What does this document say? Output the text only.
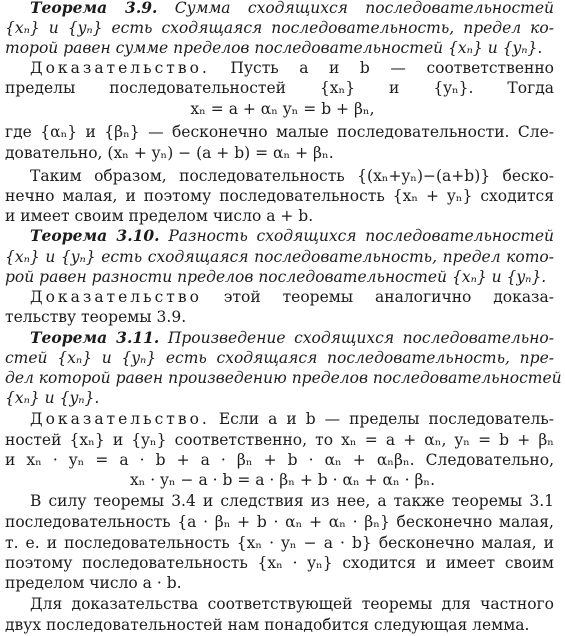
Теорема 3.9. Сумма сходящихся последовательностей
{xₙ} и {yₙ} есть сходящаяся последовательность, предел ко-
торой равен сумме пределов последовательностей {xₙ} и {yₙ}.
Доказательство. Пусть a и b — соответственно
пределы последовательностей {xₙ} и {yₙ}. Тогда
xₙ = a + αₙ yₙ = b + βₙ,
где {αₙ} и {βₙ} — бесконечно малые последовательности. Сле-
довательно, (xₙ + yₙ) − (a + b) = αₙ + βₙ.
Таким образом, последовательность {(xₙ+yₙ)−(a+b)} беско-
нечно малая, и поэтому последовательность {xₙ + yₙ} сходится
и имеет своим пределом число a + b.
Теорема 3.10. Разность сходящихся последовательностей
{xₙ} и {yₙ} есть сходящаяся последовательность, предел кото-
рой равен разности пределов последовательностей {xₙ} и {yₙ}.
Доказательство этой теоремы аналогично доказа-
тельству теоремы 3.9.
Теорема 3.11. Произведение сходящихся последовательно-
стей {xₙ} и {yₙ} есть сходящаяся последовательность, пре-
дел которой равен произведению пределов последовательностей
{xₙ} и {yₙ}.
Доказательство. Если a и b — пределы последователь-
ностей {xₙ} и {yₙ} соответственно, то xₙ = a + αₙ, yₙ = b + βₙ
и xₙ · yₙ = a · b + a · βₙ + b · αₙ + αₙβₙ. Следовательно,
xₙ · yₙ − a · b = a · βₙ + b · αₙ + αₙ · βₙ.
В силу теоремы 3.4 и следствия из нее, а также теоремы 3.1
последовательность {a · βₙ + b · αₙ + αₙ · βₙ} бесконечно малая,
т. е. и последовательность {xₙ · yₙ − a · b} бесконечно малая, и
поэтому последовательность {xₙ · yₙ} сходится и имеет своим
пределом число a · b.
Для доказательства соответствующей теоремы для частного
двух последовательностей нам понадобится следующая лемма.
